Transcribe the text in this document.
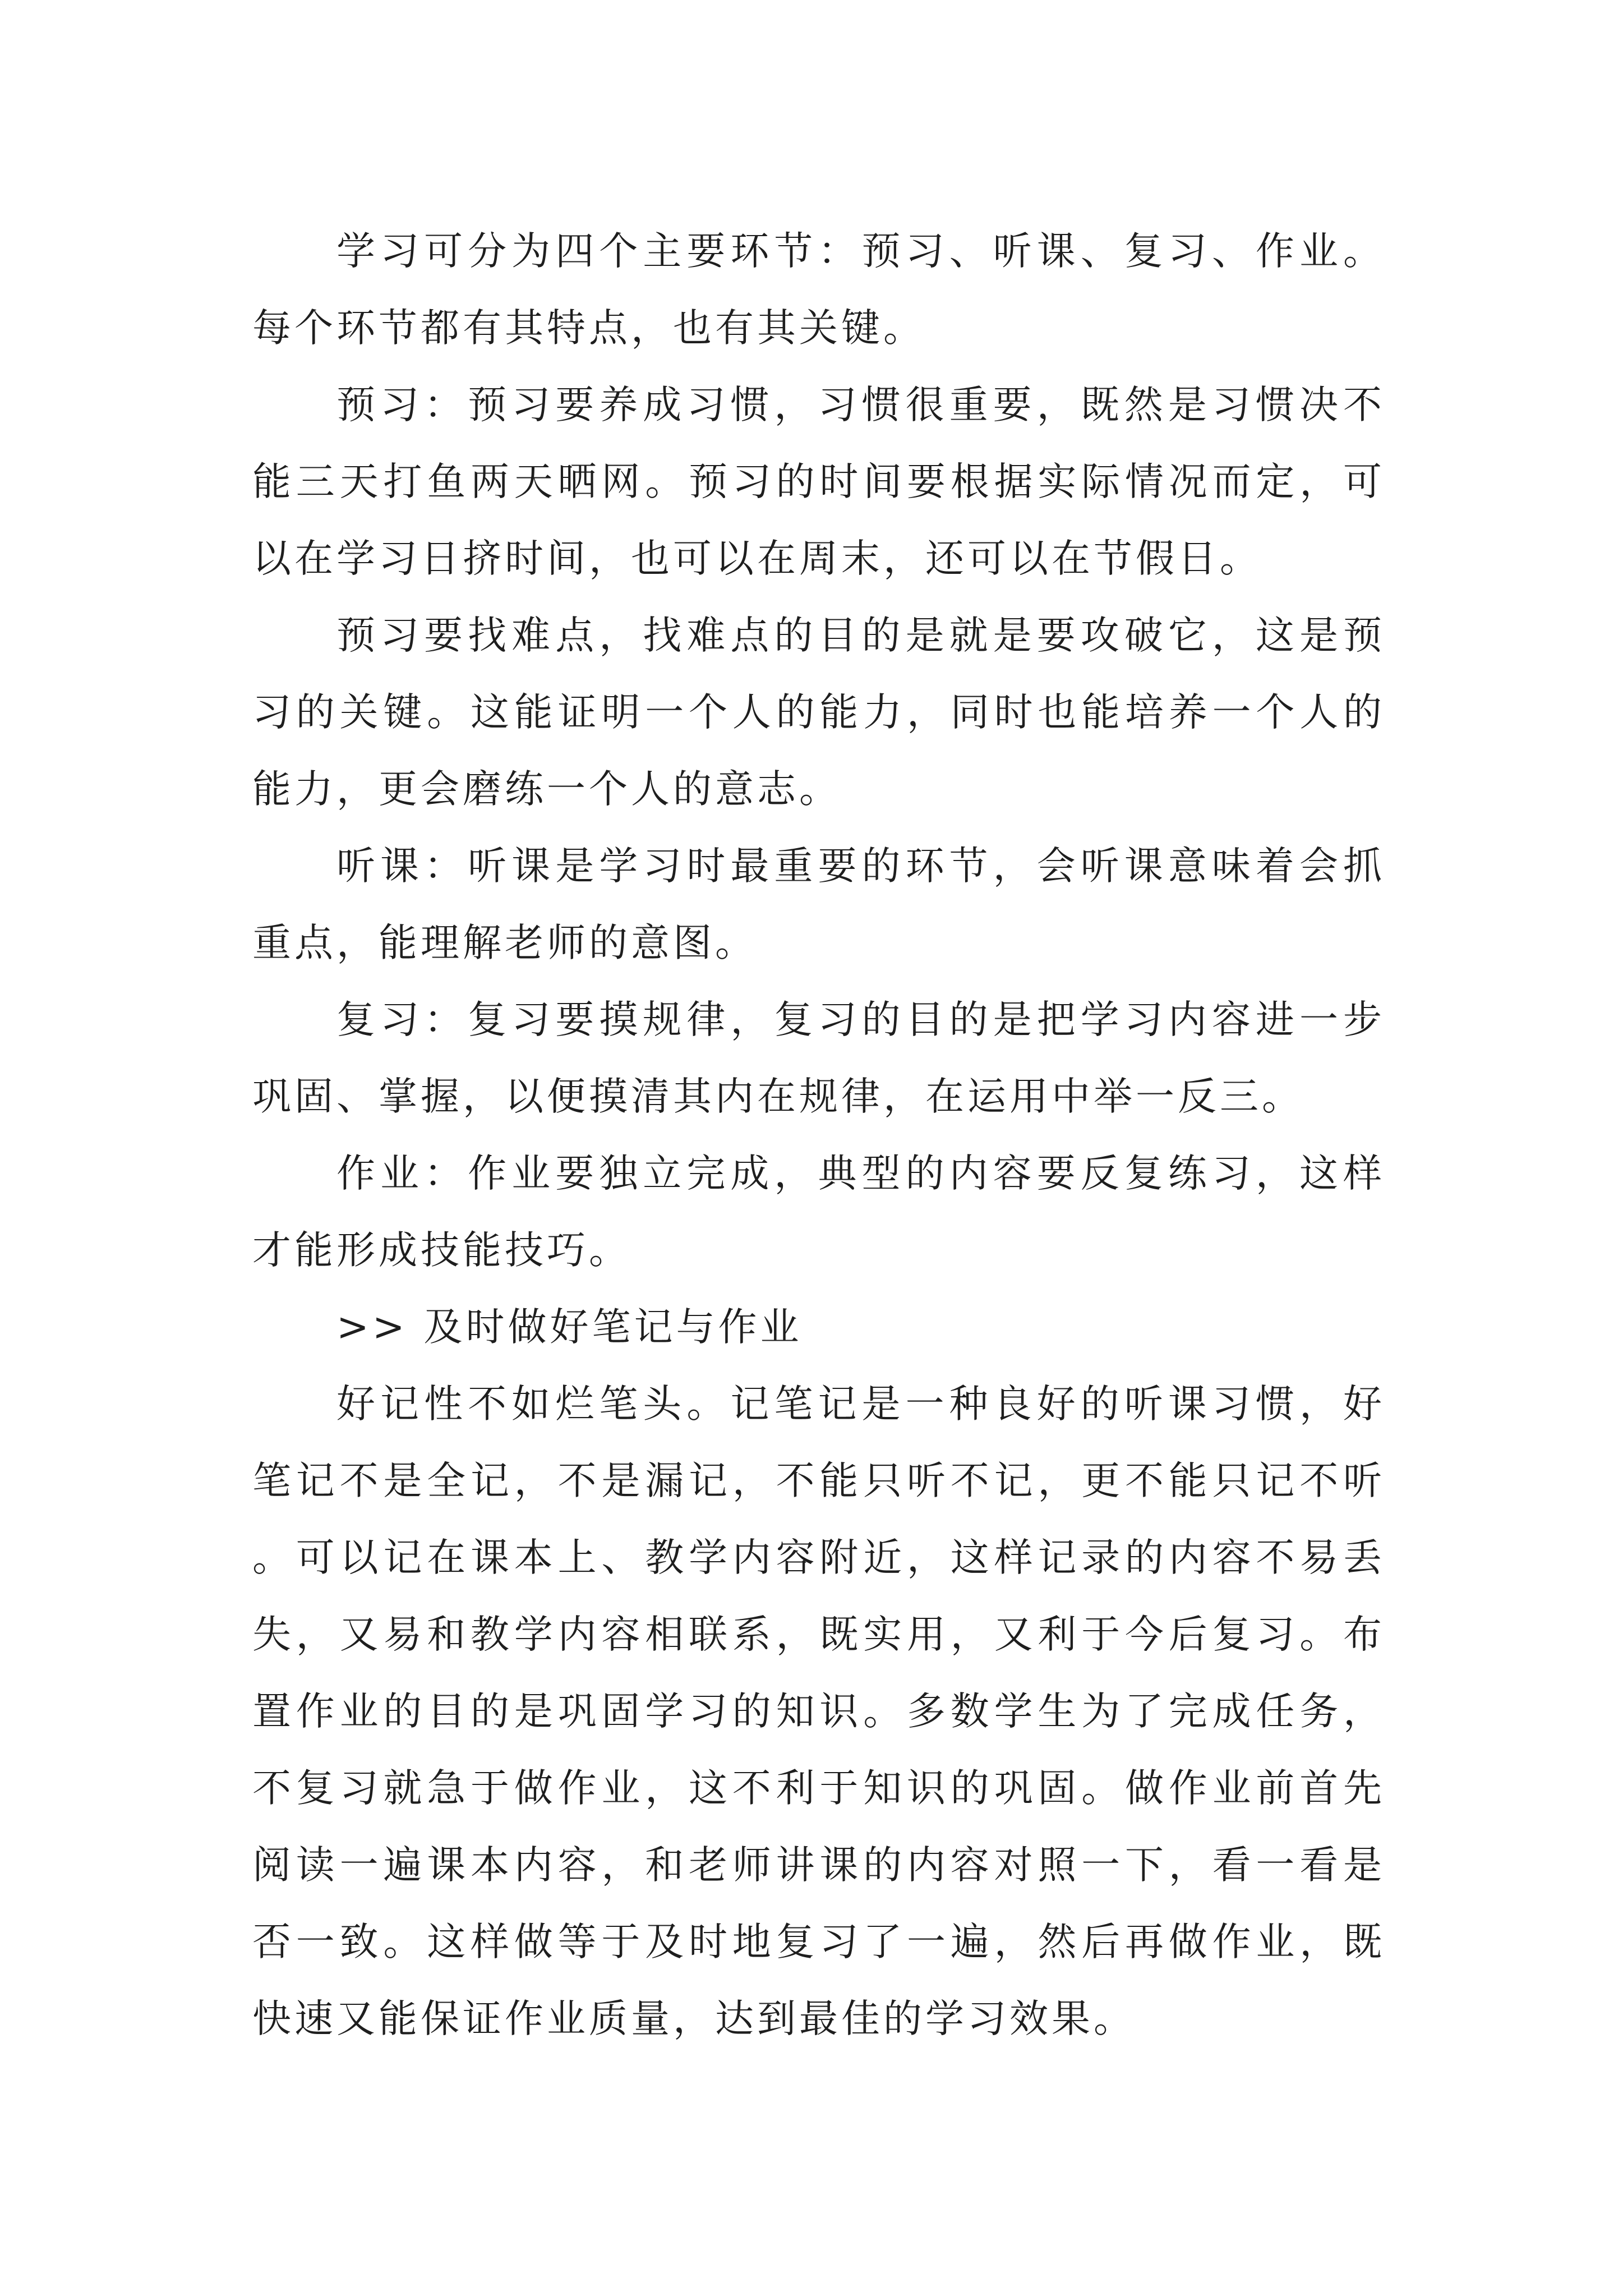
学习可分为四个主要环节：预习、听课、复习、作业。每个环节都有其特点，也有其关键。

预习：预习要养成习惯，习惯很重要，既然是习惯决不能三天打鱼两天晒网。预习的时间要根据实际情况而定，可以在学习日挤时间，也可以在周末，还可以在节假日。

预习要找难点，找难点的目的是就是要攻破它，这是预习的关键。这能证明一个人的能力，同时也能培养一个人的能力，更会磨练一个人的意志。

听课：听课是学习时最重要的环节，会听课意味着会抓重点，能理解老师的意图。

复习：复习要摸规律，复习的目的是把学习内容进一步巩固、掌握，以便摸清其内在规律，在运用中举一反三。

作业：作业要独立完成，典型的内容要反复练习，这样才能形成技能技巧。

>> 及时做好笔记与作业

好记性不如烂笔头。记笔记是一种良好的听课习惯，好笔记不是全记，不是漏记，不能只听不记，更不能只记不听。可以记在课本上、教学内容附近，这样记录的内容不易丢失，又易和教学内容相联系，既实用，又利于今后复习。布置作业的目的是巩固学习的知识。多数学生为了完成任务，不复习就急于做作业，这不利于知识的巩固。做作业前首先阅读一遍课本内容，和老师讲课的内容对照一下，看一看是否一致。这样做等于及时地复习了一遍，然后再做作业，既快速又能保证作业质量，达到最佳的学习效果。
